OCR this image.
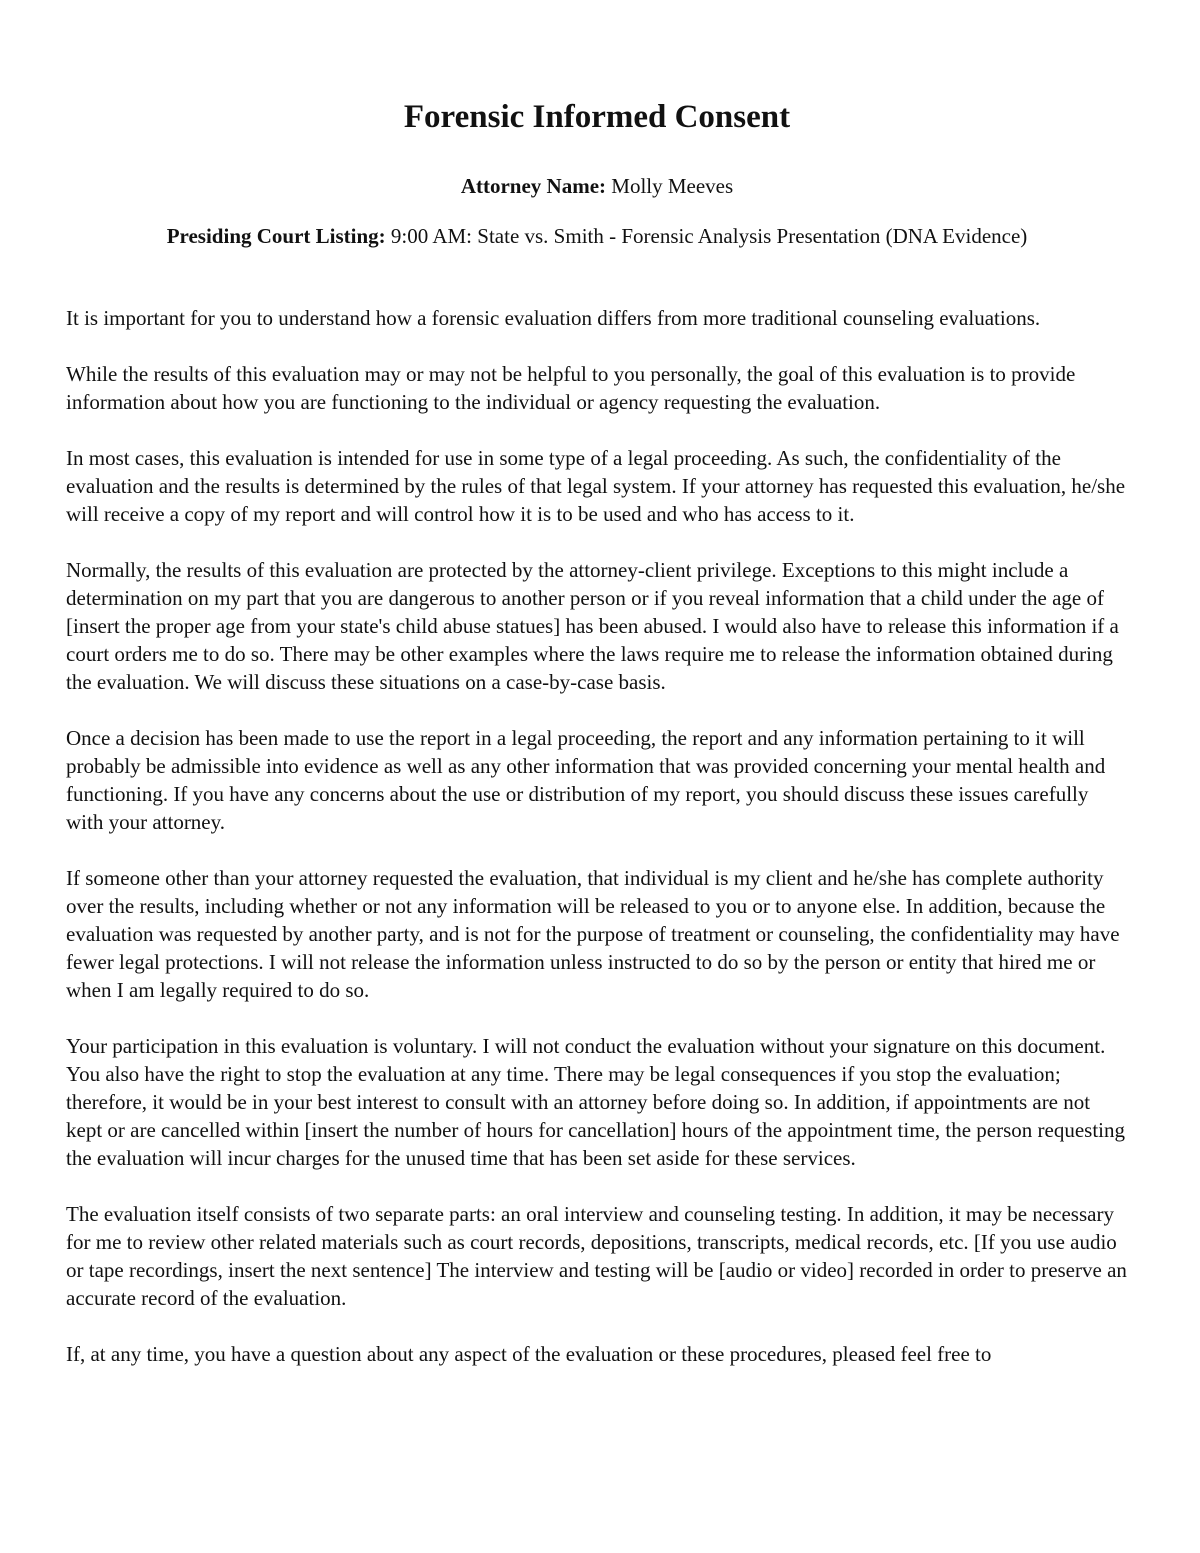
Forensic Informed Consent

Attorney Name: Molly Meeves

Presiding Court Listing: 9:00 AM: State vs. Smith - Forensic Analysis Presentation (DNA Evidence)

It is important for you to understand how a forensic evaluation differs from more traditional counseling evaluations.

While the results of this evaluation may or may not be helpful to you personally, the goal of this evaluation is to provide information about how you are functioning to the individual or agency requesting the evaluation.

In most cases, this evaluation is intended for use in some type of a legal proceeding. As such, the confidentiality of the evaluation and the results is determined by the rules of that legal system. If your attorney has requested this evaluation, he/she will receive a copy of my report and will control how it is to be used and who has access to it.

Normally, the results of this evaluation are protected by the attorney-client privilege. Exceptions to this might include a determination on my part that you are dangerous to another person or if you reveal information that a child under the age of [insert the proper age from your state's child abuse statues] has been abused. I would also have to release this information if a court orders me to do so. There may be other examples where the laws require me to release the information obtained during the evaluation. We will discuss these situations on a case-by-case basis.

Once a decision has been made to use the report in a legal proceeding, the report and any information pertaining to it will probably be admissible into evidence as well as any other information that was provided concerning your mental health and functioning. If you have any concerns about the use or distribution of my report, you should discuss these issues carefully with your attorney.

If someone other than your attorney requested the evaluation, that individual is my client and he/she has complete authority over the results, including whether or not any information will be released to you or to anyone else. In addition, because the evaluation was requested by another party, and is not for the purpose of treatment or counseling, the confidentiality may have fewer legal protections. I will not release the information unless instructed to do so by the person or entity that hired me or when I am legally required to do so.

Your participation in this evaluation is voluntary. I will not conduct the evaluation without your signature on this document. You also have the right to stop the evaluation at any time. There may be legal consequences if you stop the evaluation; therefore, it would be in your best interest to consult with an attorney before doing so. In addition, if appointments are not kept or are cancelled within [insert the number of hours for cancellation] hours of the appointment time, the person requesting the evaluation will incur charges for the unused time that has been set aside for these services.

The evaluation itself consists of two separate parts: an oral interview and counseling testing. In addition, it may be necessary for me to review other related materials such as court records, depositions, transcripts, medical records, etc. [If you use audio or tape recordings, insert the next sentence] The interview and testing will be [audio or video] recorded in order to preserve an accurate record of the evaluation.

If, at any time, you have a question about any aspect of the evaluation or these procedures, pleased feel free to
